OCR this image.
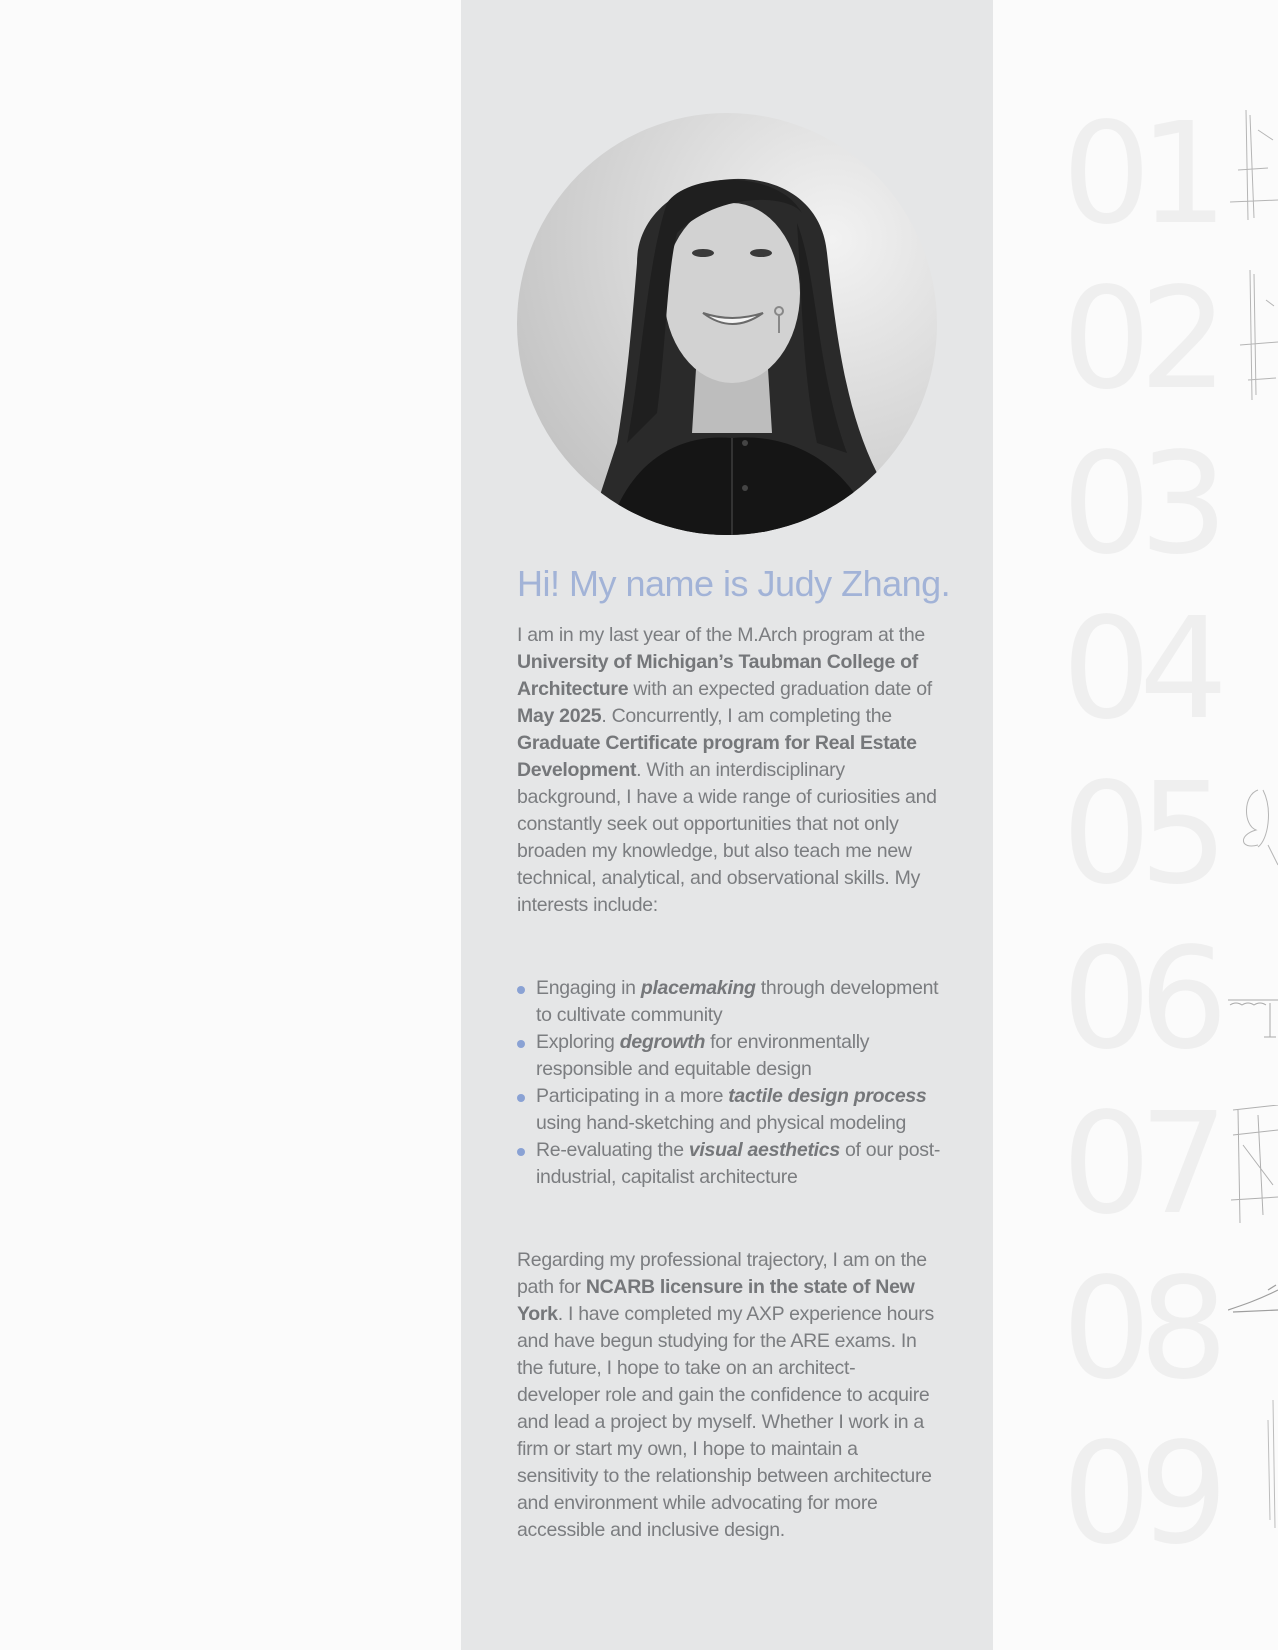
Hi! My name is Judy Zhang.

I am in my last year of the M.Arch program at the University of Michigan’s Taubman College of Architecture with an expected graduation date of May 2025. Concurrently, I am completing the Graduate Certificate program for Real Estate Development. With an interdisciplinary background, I have a wide range of curiosities and constantly seek out opportunities that not only broaden my knowledge, but also teach me new technical, analytical, and observational skills. My interests include:

Engaging in placemaking through development to cultivate community
Exploring degrowth for environmentally responsible and equitable design
Participating in a more tactile design process using hand-sketching and physical modeling
Re-evaluating the visual aesthetics of our post-industrial, capitalist architecture

Regarding my professional trajectory, I am on the path for NCARB licensure in the state of New York. I have completed my AXP experience hours and have begun studying for the ARE exams. In the future, I hope to take on an architect-developer role and gain the confidence to acquire and lead a project by myself. Whether I work in a firm or start my own, I hope to maintain a sensitivity to the relationship between architecture and environment while advocating for more accessible and inclusive design.

01
02
03
04
05
06
07
08
09
